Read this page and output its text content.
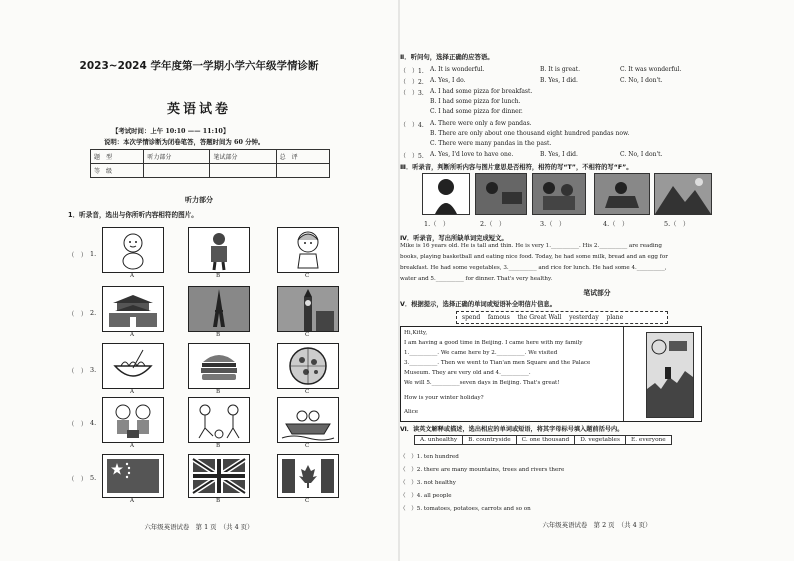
2023~2024 学年度第一学期小学六年级学情诊断
英语试卷
【考试时间：上午 10:10 —— 11:10】
说明：本次学情诊断为闭卷笔答，答题时间为 60 分钟。
题　型	听力部分	笔试部分	总　评
等　级			
听力部分
1．听录音，选出与你所听内容相符的图片。
（　） 1.
A	B	C
（　） 2.
A	B	C
（　） 3.
A	B	C
（　） 4.
A	B	C
（　） 5.
A	B	C
六年级英语试卷　第 1 页　（共 4 页）
Ⅱ．听问句，选择正确的应答语。
（　）1. A. It is wonderful.	B. It is great.	C. It was wonderful.
（　）2. A. Yes, I do.	B. Yes, I did.	C. No, I don't.
（　）3. A. I had some pizza for breakfast.
B. I had some pizza for lunch.
C. I had some pizza for dinner.
（　）4. A. There were only a few pandas.
B. There are only about one thousand eight hundred pandas now.
C. There were many pandas in the past.
（　）5. A. Yes, I'd love to have one.	B. Yes, I did.	C. No, I don't.
Ⅲ．听录音，判断所听内容与图片意思是否相符，相符的写“T”，不相符的写“F”。
1.（　）	2.（　）	3.（　）	4.（　）	5.（　）
Ⅳ．听录音，写出所缺单词完成短文。
Mike is 16 years old. He is tall and thin. He is very 1.__________. His 2.__________ are reading
books, playing basketball and eating nice food. Today, he had some milk, bread and an egg for
breakfast. He had some vegetables, 3.__________ and rice for lunch. He had some 4.__________,
water and 5.__________ for dinner. That's very healthy.
笔试部分
Ⅴ．根据提示，选择正确的单词或短语补全明信片信息。
spend famous the Great Wall yesterday plane
Hi,Kitty,
I am having a good time in Beijing. I came here with my family
1.__________. We came here by 2.__________. We visited
3.__________. Then we went to Tian'an men Square and the Palace
Museum. They are very old and 4.__________.
We will 5.__________seven days in Beijing. That's great!
How is your winter holiday?
Alice
Ⅵ．读英文解释或描述，选出相应的单词或短语，将其字母标号填入题前括号内。
A. unhealthy	B. countryside	C. one thousand	D. vegetables	E. everyone
（　）1. ten hundred
（　）2. there are many mountains, trees and rivers there
（　）3. not healthy
（　）4. all people
（　）5. tomatoes, potatoes, carrots and so on
六年级英语试卷　第 2 页　（共 4 页）
